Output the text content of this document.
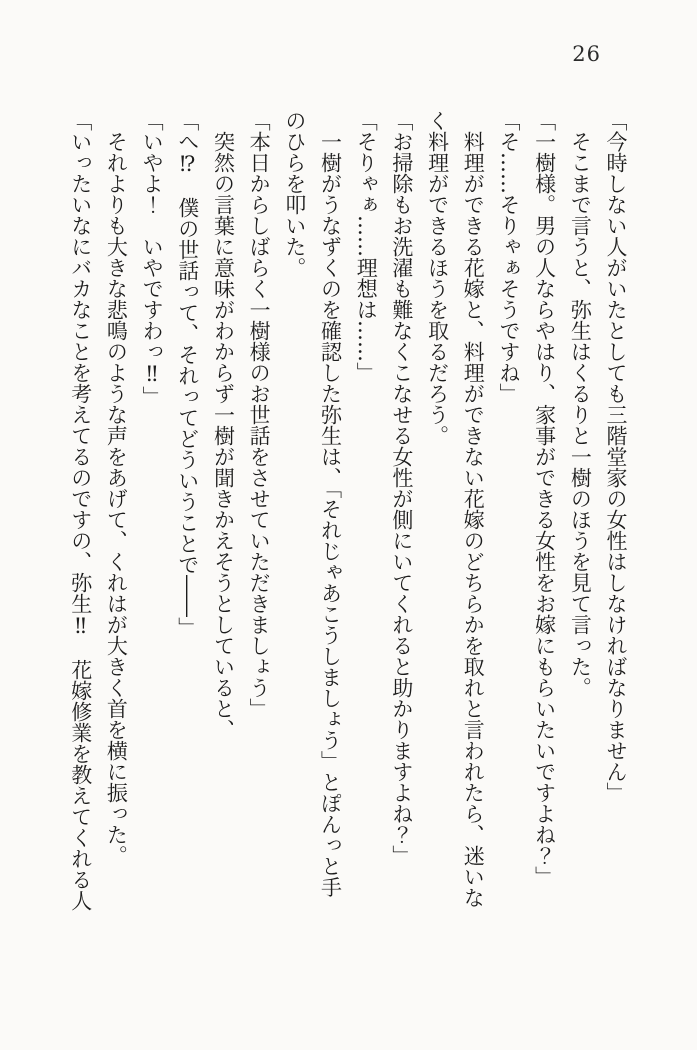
26

「今時しない人がいたとしても三階堂家の女性はしなければなりません」

　そこまで言うと、弥生はくるりと一樹のほうを見て言った。

「一樹様。男の人ならやはり、家事ができる女性をお嫁にもらいたいですよね？」

「そ……そりゃぁそうですね」

　料理ができる花嫁と、料理ができない花嫁のどちらかを取れと言われたら、迷いな

く料理ができるほうを取るだろう。

「お掃除もお洗濯も難なくこなせる女性が側にいてくれると助かりますよね？」

「そりゃぁ……理想は……」

　一樹がうなずくのを確認した弥生は、「それじゃあこうしましょう」とぽんっと手

のひらを叩いた。

「本日からしばらく一樹様のお世話をさせていただきましょう」

　突然の言葉に意味がわからず一樹が聞きかえそうとしていると、

「へ⁉　僕の世話って、それってどういうことで――」

「いやよ！　いやですわっ‼」

　それよりも大きな悲鳴のような声をあげて、くれはが大きく首を横に振った。

「いったいなにバカなことを考えてるのですの、弥生‼　花嫁修業を教えてくれる人
